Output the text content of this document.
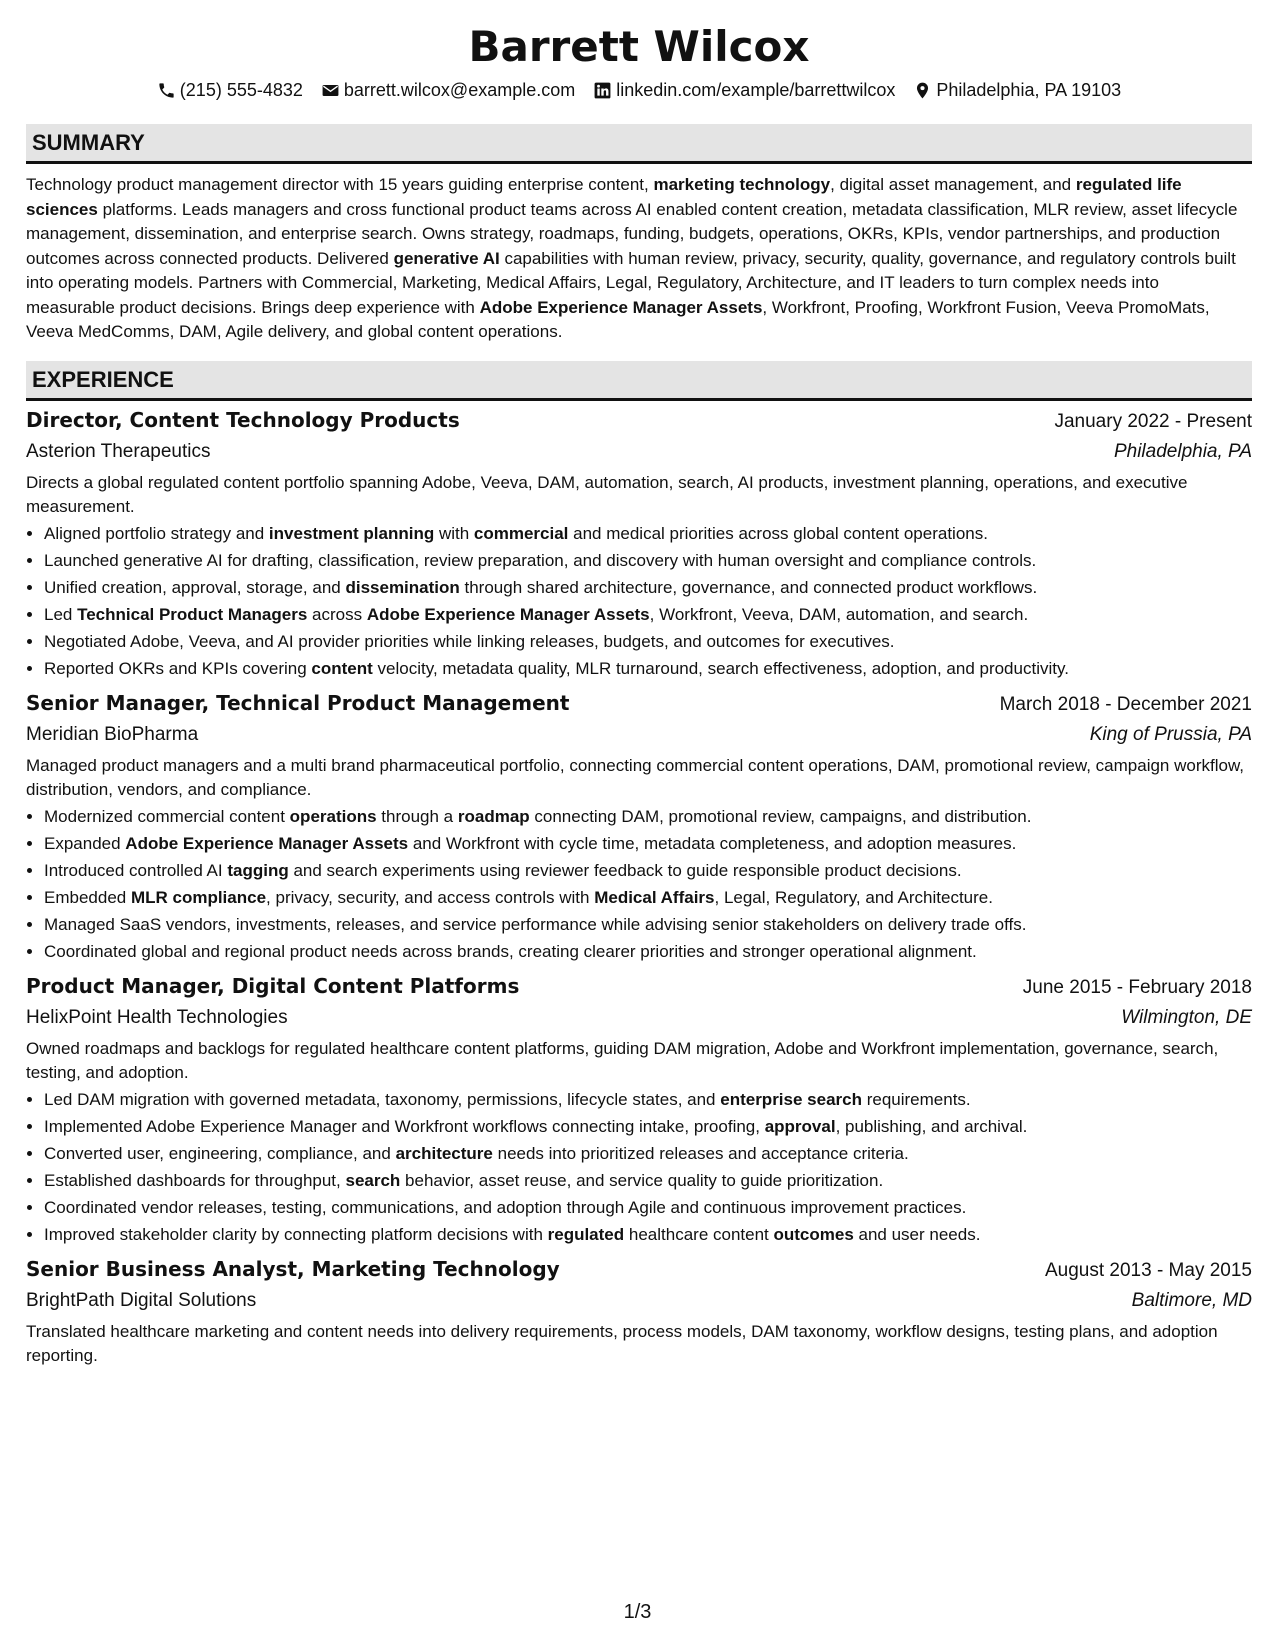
Barrett Wilcox
(215) 555-4832 barrett.wilcox@example.com linkedin.com/example/barrettwilcox Philadelphia, PA 19103
SUMMARY

Technology product management director with 15 years guiding enterprise content, marketing technology, digital asset management, and regulated life sciences platforms. Leads managers and cross functional product teams across AI enabled content creation, metadata classification, MLR review, asset lifecycle management, dissemination, and enterprise search. Owns strategy, roadmaps, funding, budgets, operations, OKRs, KPIs, vendor partnerships, and production outcomes across connected products. Delivered generative AI capabilities with human review, privacy, security, quality, governance, and regulatory controls built into operating models. Partners with Commercial, Marketing, Medical Affairs, Legal, Regulatory, Architecture, and IT leaders to turn complex needs into measurable product decisions. Brings deep experience with Adobe Experience Manager Assets, Workfront, Proofing, Workfront Fusion, Veeva PromoMats, Veeva MedComms, DAM, Agile delivery, and global content operations.

EXPERIENCE
Director, Content Technology Products	January 2022 - Present
Asterion Therapeutics	Philadelphia, PA
Directs a global regulated content portfolio spanning Adobe, Veeva, DAM, automation, search, AI products, investment planning, operations, and executive measurement.
• Aligned portfolio strategy and investment planning with commercial and medical priorities across global content operations.
• Launched generative AI for drafting, classification, review preparation, and discovery with human oversight and compliance controls.
• Unified creation, approval, storage, and dissemination through shared architecture, governance, and connected product workflows.
• Led Technical Product Managers across Adobe Experience Manager Assets, Workfront, Veeva, DAM, automation, and search.
• Negotiated Adobe, Veeva, and AI provider priorities while linking releases, budgets, and outcomes for executives.
• Reported OKRs and KPIs covering content velocity, metadata quality, MLR turnaround, search effectiveness, adoption, and productivity.
Senior Manager, Technical Product Management	March 2018 - December 2021
Meridian BioPharma	King of Prussia, PA
Managed product managers and a multi brand pharmaceutical portfolio, connecting commercial content operations, DAM, promotional review, campaign workflow, distribution, vendors, and compliance.
• Modernized commercial content operations through a roadmap connecting DAM, promotional review, campaigns, and distribution.
• Expanded Adobe Experience Manager Assets and Workfront with cycle time, metadata completeness, and adoption measures.
• Introduced controlled AI tagging and search experiments using reviewer feedback to guide responsible product decisions.
• Embedded MLR compliance, privacy, security, and access controls with Medical Affairs, Legal, Regulatory, and Architecture.
• Managed SaaS vendors, investments, releases, and service performance while advising senior stakeholders on delivery trade offs.
• Coordinated global and regional product needs across brands, creating clearer priorities and stronger operational alignment.
Product Manager, Digital Content Platforms	June 2015 - February 2018
HelixPoint Health Technologies	Wilmington, DE
Owned roadmaps and backlogs for regulated healthcare content platforms, guiding DAM migration, Adobe and Workfront implementation, governance, search, testing, and adoption.
• Led DAM migration with governed metadata, taxonomy, permissions, lifecycle states, and enterprise search requirements.
• Implemented Adobe Experience Manager and Workfront workflows connecting intake, proofing, approval, publishing, and archival.
• Converted user, engineering, compliance, and architecture needs into prioritized releases and acceptance criteria.
• Established dashboards for throughput, search behavior, asset reuse, and service quality to guide prioritization.
• Coordinated vendor releases, testing, communications, and adoption through Agile and continuous improvement practices.
• Improved stakeholder clarity by connecting platform decisions with regulated healthcare content outcomes and user needs.
Senior Business Analyst, Marketing Technology	August 2013 - May 2015
BrightPath Digital Solutions	Baltimore, MD
Translated healthcare marketing and content needs into delivery requirements, process models, DAM taxonomy, workflow designs, testing plans, and adoption reporting.
1/3
